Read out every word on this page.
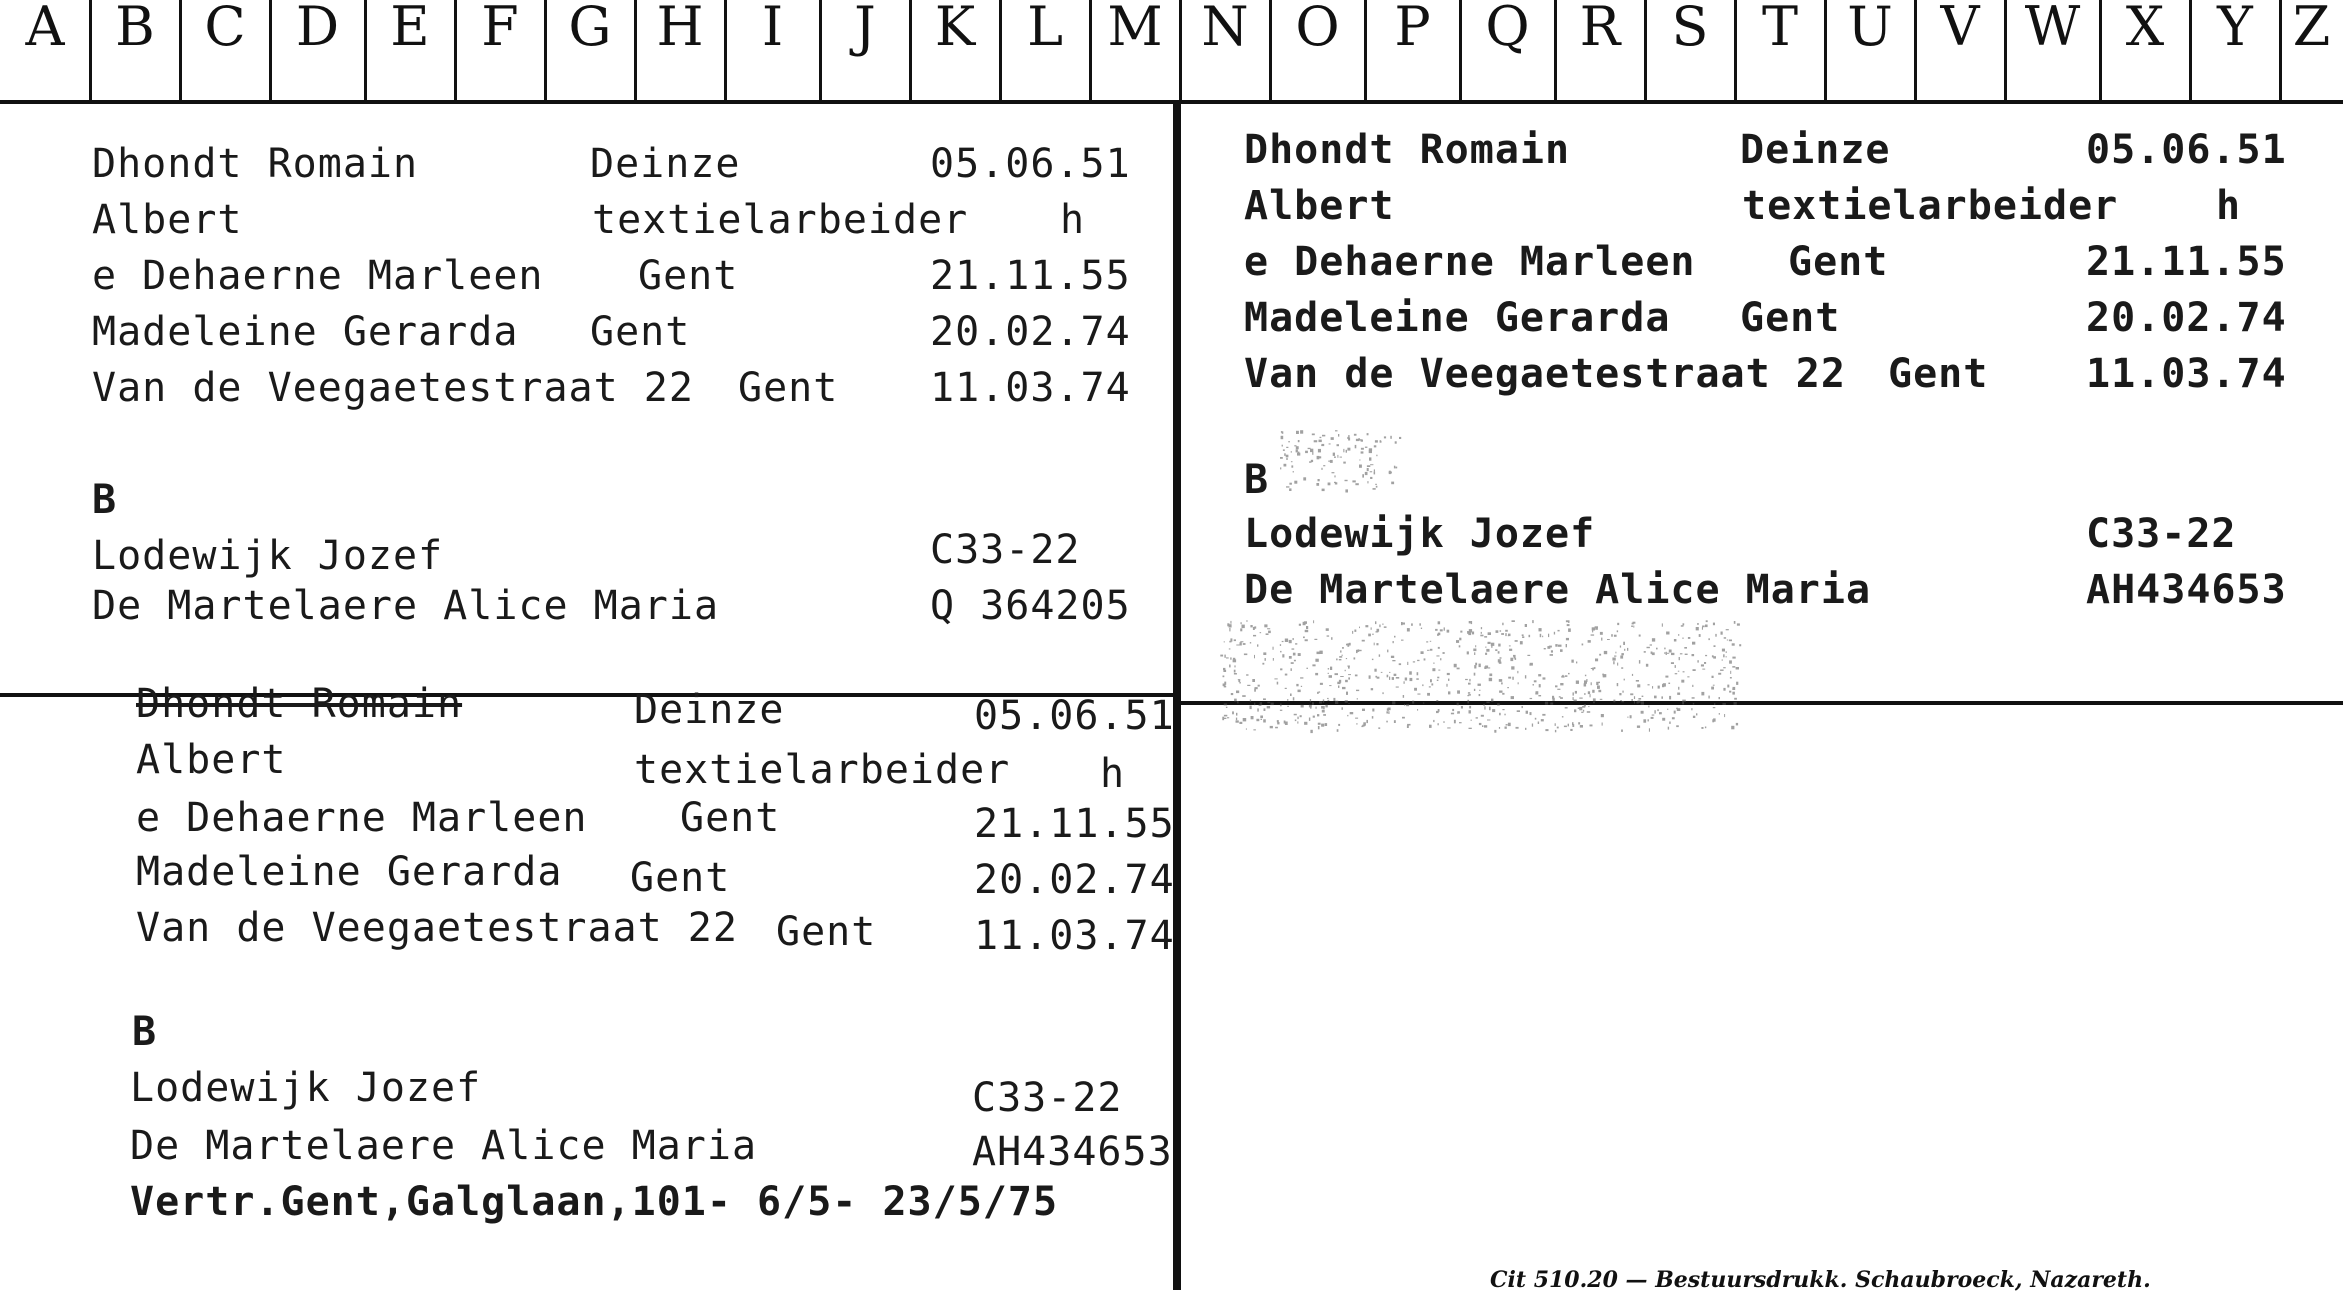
A B C D E F G H	I	J	K L M N O	P	Q R S T U V W X Y Z
Dhondt Romain	Deinze	05.06.51
Albert	textielarbeider h
e Dehaerne Marleen Gent	21.11.55
Madeleine Gerarda Gent	20.02.74
Van de Veegaetestraat 22 Gent 11.03.74
B
Lodewijk Jozef	C33-22
De Martelaere Alice Maria	Q 364205
Dhondt Romain	Deinze	05.06.51
Albert	textielarbeider h
e Dehaerne Marleen Gent	21.11.55
Madeleine Gerarda Gent	20.02.74
Van de Veegaetestraat 22 Gent 11.03.74
B
Lodewijk Jozef	C33-22
De Martelaere Alice Maria	AH434653
Dhondt Romain	Deinze	05.06.51
Albert	textielarbeider h
e Dehaerne Marleen Gent	21.11.55
Madeleine Gerarda Gent	20.02.74
Van de Veegaetestraat 22 Gent 11.03.74
B
Lodewijk Jozef	C33-22
De Martelaere Alice Maria	AH434653
Vertr.Gent,Galglaan,101- 6/5- 23/5/75
Cit 510.20 — Bestuursdrukk. Schaubroeck, Nazareth.
